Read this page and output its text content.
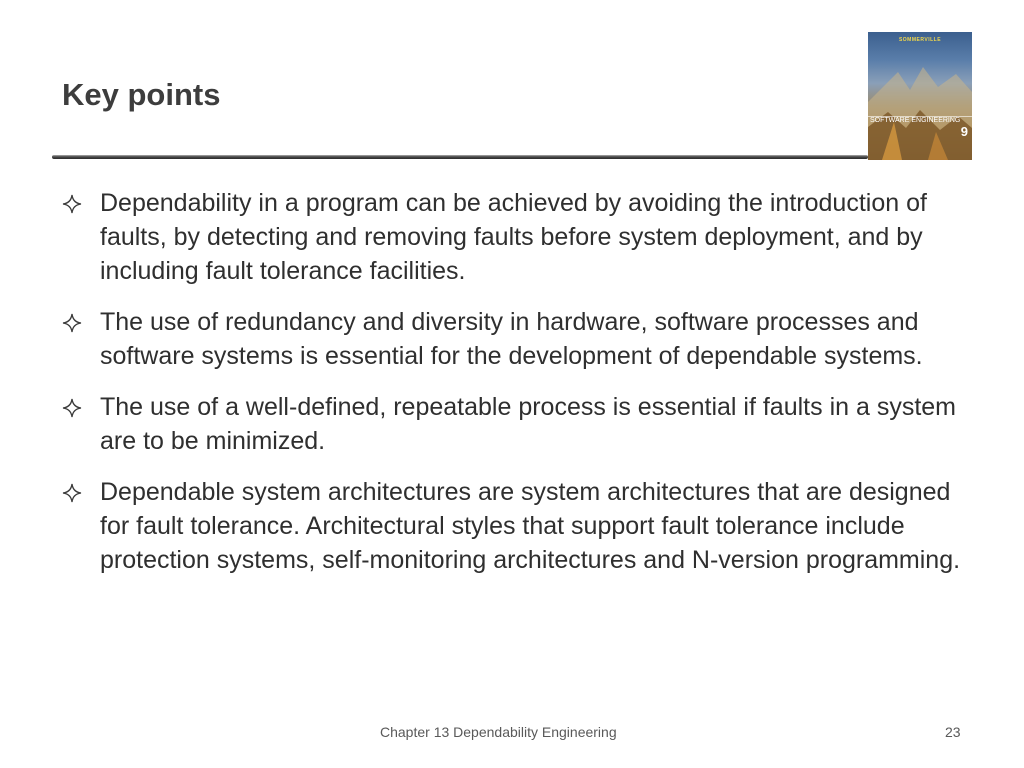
Key points
SOMMERVILLE
SOFTWARE ENGINEERING
9
Dependability in a program can be achieved by avoiding the introduction of faults, by detecting and removing faults before system deployment, and by including fault tolerance facilities.
The use of redundancy and diversity in hardware, software processes and software systems is essential for the development of dependable systems.
The use of a well-defined, repeatable process is essential if faults in a system are to be minimized.
Dependable system architectures are system architectures that are designed for fault tolerance. Architectural styles that support fault tolerance include protection systems, self-monitoring architectures and N-version programming.
Chapter 13 Dependability Engineering	23
